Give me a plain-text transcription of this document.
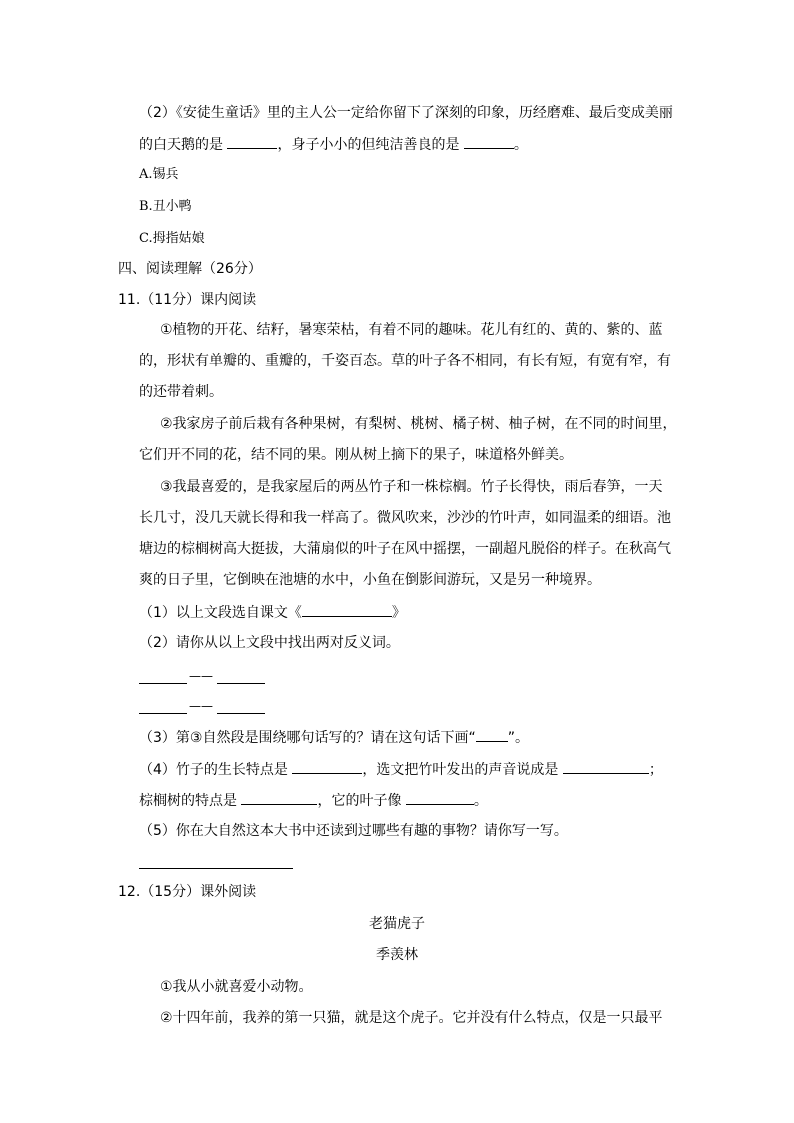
（2）《安徒生童话》里的主人公一定给你留下了深刻的印象，历经磨难、最后变成美丽
的白天鹅的是	，身子小小的但纯洁善良的是	。
A.锡兵
B.丑小鸭
C.拇指姑娘
四、阅读理解（26分）
11.（11分）课内阅读
①植物的开花、结籽，暑寒荣枯，有着不同的趣味。花儿有红的、黄的、紫的、蓝
的，形状有单瓣的、重瓣的，千姿百态。草的叶子各不相同，有长有短，有宽有窄，有
的还带着刺。
②我家房子前后栽有各种果树，有梨树、桃树、橘子树、柚子树，在不同的时间里，
它们开不同的花，结不同的果。刚从树上摘下的果子，味道格外鲜美。
③我最喜爱的，是我家屋后的两丛竹子和一株棕榈。竹子长得快，雨后春笋，一天
长几寸，没几天就长得和我一样高了。微风吹来，沙沙的竹叶声，如同温柔的细语。池
塘边的棕榈树高大挺拔，大蒲扇似的叶子在风中摇摆，一副超凡脱俗的样子。在秋高气
爽的日子里，它倒映在池塘的水中，小鱼在倒影间游玩，又是另一种境界。
（1）以上文段选自课文《	》
（2）请你从以上文段中找出两对反义词。
——
——
（3）第③自然段是围绕哪句话写的？请在这句话下画“ ”。
（4）竹子的生长特点是	，选文把竹叶发出的声音说成是	；
棕榈树的特点是	，它的叶子像	。
（5）你在大自然这本大书中还读到过哪些有趣的事物？请你写一写。
12.（15分）课外阅读
老猫虎子
季羡林
①我从小就喜爱小动物。
②十四年前，我养的第一只猫，就是这个虎子。它并没有什么特点，仅是一只最平
